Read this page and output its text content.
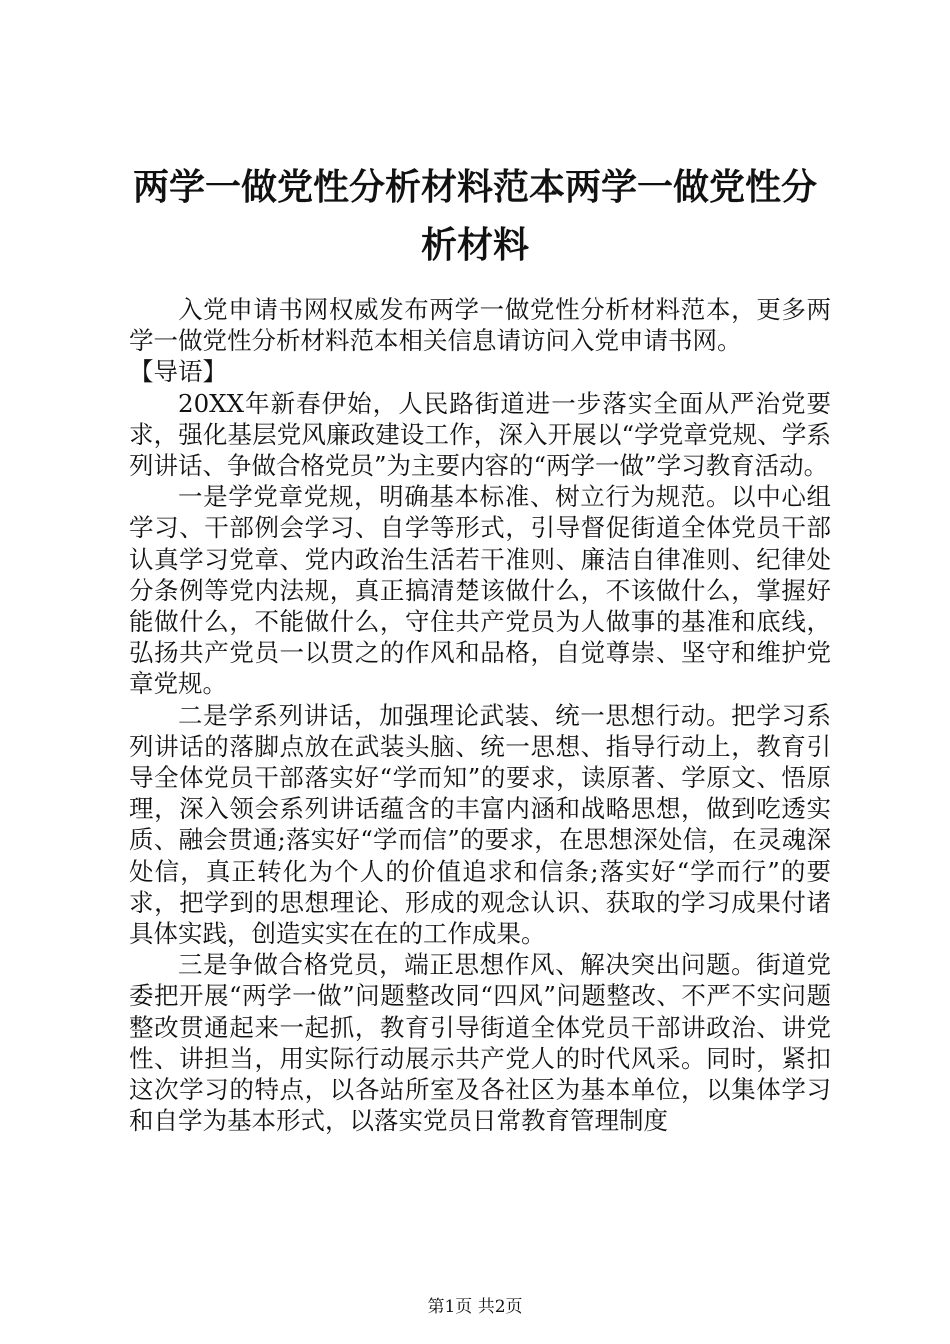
两学一做党性分析材料范本两学一做党性分析材料

入党申请书网权威发布两学一做党性分析材料范本，更多两学一做党性分析材料范本相关信息请访问入党申请书网。

【导语】

20XX年新春伊始，人民路街道进一步落实全面从严治党要求，强化基层党风廉政建设工作，深入开展以“学党章党规、学系列讲话、争做合格党员”为主要内容的“两学一做”学习教育活动。

一是学党章党规，明确基本标准、树立行为规范。以中心组学习、干部例会学习、自学等形式，引导督促街道全体党员干部认真学习党章、党内政治生活若干准则、廉洁自律准则、纪律处分条例等党内法规，真正搞清楚该做什么，不该做什么，掌握好能做什么，不能做什么，守住共产党员为人做事的基准和底线，弘扬共产党员一以贯之的作风和品格，自觉尊崇、坚守和维护党章党规。

二是学系列讲话，加强理论武装、统一思想行动。把学习系列讲话的落脚点放在武装头脑、统一思想、指导行动上，教育引导全体党员干部落实好“学而知”的要求，读原著、学原文、悟原理，深入领会系列讲话蕴含的丰富内涵和战略思想，做到吃透实质、融会贯通;落实好“学而信”的要求，在思想深处信，在灵魂深处信，真正转化为个人的价值追求和信条;落实好“学而行”的要求，把学到的思想理论、形成的观念认识、获取的学习成果付诸具体实践，创造实实在在的工作成果。

三是争做合格党员，端正思想作风、解决突出问题。街道党委把开展“两学一做”问题整改同“四风”问题整改、不严不实问题整改贯通起来一起抓，教育引导街道全体党员干部讲政治、讲党性、讲担当，用实际行动展示共产党人的时代风采。同时，紧扣这次学习的特点，以各站所室及各社区为基本单位，以集体学习和自学为基本形式，以落实党员日常教育管理制度

第1页 共2页
